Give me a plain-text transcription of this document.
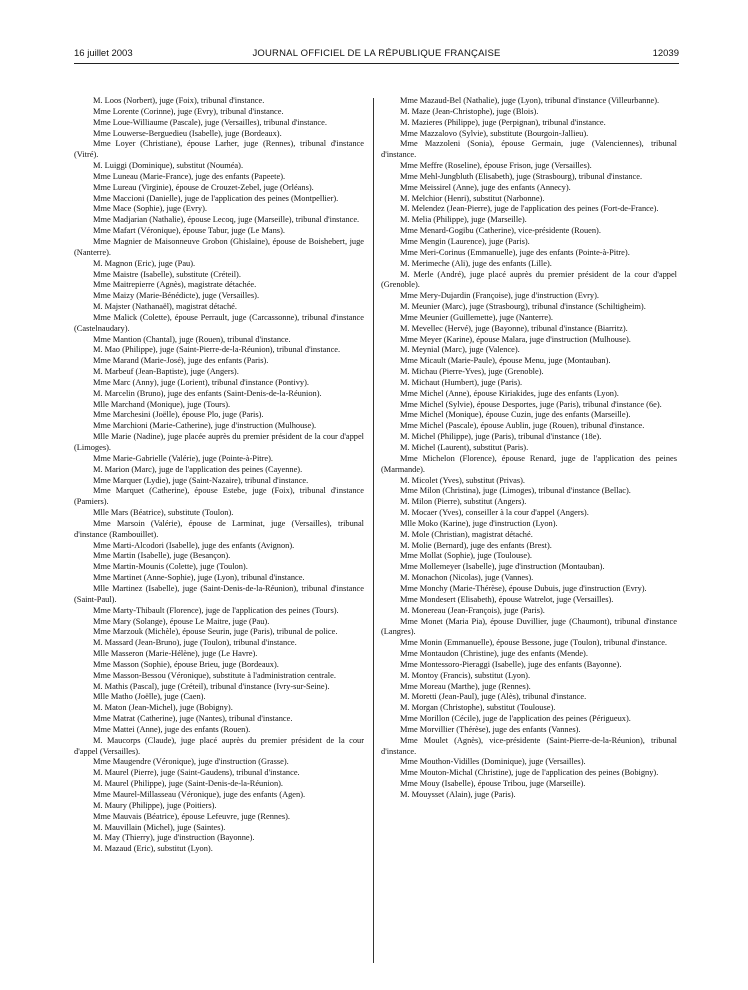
16 juillet 2003	JOURNAL OFFICIEL DE LA RÉPUBLIQUE FRANÇAISE	12039

M. Loos (Norbert), juge (Foix), tribunal d'instance.

Mme Lorente (Corinne), juge (Evry), tribunal d'instance.

Mme Loue-Williaume (Pascale), juge (Versailles), tribunal d'instance.

Mme Louwerse-Berguedieu (Isabelle), juge (Bordeaux).

Mme Loyer (Christiane), épouse Larher, juge (Rennes), tribunal d'instance (Vitré).

M. Luiggi (Dominique), substitut (Nouméa).

Mme Luneau (Marie-France), juge des enfants (Papeete).

Mme Lureau (Virginie), épouse de Crouzet-Zebel, juge (Orléans).

Mme Maccioni (Danielle), juge de l'application des peines (Montpellier).

Mme Mace (Sophie), juge (Evry).

Mme Madjarian (Nathalie), épouse Lecoq, juge (Marseille), tribunal d'instance.

Mme Mafart (Véronique), épouse Tabur, juge (Le Mans).

Mme Magnier de Maisonneuve Grobon (Ghislaine), épouse de Boishebert, juge (Nanterre).

M. Magnon (Eric), juge (Pau).

Mme Maistre (Isabelle), substitute (Créteil).

Mme Maitrepierre (Agnès), magistrate détachée.

Mme Maizy (Marie-Bénédicte), juge (Versailles).

M. Majster (Nathanaël), magistrat détaché.

Mme Malick (Colette), épouse Perrault, juge (Carcassonne), tribunal d'instance (Castelnaudary).

Mme Mantion (Chantal), juge (Rouen), tribunal d'instance.

M. Mao (Philippe), juge (Saint-Pierre-de-la-Réunion), tribunal d'instance.

Mme Marand (Marie-José), juge des enfants (Paris).

M. Marbeuf (Jean-Baptiste), juge (Angers).

Mme Marc (Anny), juge (Lorient), tribunal d'instance (Pontivy).

M. Marcelin (Bruno), juge des enfants (Saint-Denis-de-la-Réunion).

Mlle Marchand (Monique), juge (Tours).

Mme Marchesini (Joëlle), épouse Plo, juge (Paris).

Mme Marchioni (Marie-Catherine), juge d'instruction (Mulhouse).

Mlle Marie (Nadine), juge placée auprès du premier président de la cour d'appel (Limoges).

Mme Marie-Gabrielle (Valérie), juge (Pointe-à-Pitre).

M. Marion (Marc), juge de l'application des peines (Cayenne).

Mme Marquer (Lydie), juge (Saint-Nazaire), tribunal d'instance.

Mme Marquet (Catherine), épouse Estebe, juge (Foix), tribunal d'instance (Pamiers).

Mlle Mars (Béatrice), substitute (Toulon).

Mme Marsoin (Valérie), épouse de Larminat, juge (Versailles), tribunal d'instance (Rambouillet).

Mme Marti-Alcodori (Isabelle), juge des enfants (Avignon).

Mme Martin (Isabelle), juge (Besançon).

Mme Martin-Mounis (Colette), juge (Toulon).

Mme Martinet (Anne-Sophie), juge (Lyon), tribunal d'instance.

Mlle Martinez (Isabelle), juge (Saint-Denis-de-la-Réunion), tribunal d'instance (Saint-Paul).

Mme Marty-Thibault (Florence), juge de l'application des peines (Tours).

Mme Mary (Solange), épouse Le Maitre, juge (Pau).

Mme Marzouk (Michèle), épouse Seurin, juge (Paris), tribunal de police.

M. Massard (Jean-Bruno), juge (Toulon), tribunal d'instance.

Mlle Masseron (Marie-Hélène), juge (Le Havre).

Mme Masson (Sophie), épouse Brieu, juge (Bordeaux).

Mme Masson-Bessou (Véronique), substitute à l'administration centrale.

M. Mathis (Pascal), juge (Créteil), tribunal d'instance (Ivry-sur-Seine).

Mlle Matho (Joëlle), juge (Caen).

M. Maton (Jean-Michel), juge (Bobigny).

Mme Matrat (Catherine), juge (Nantes), tribunal d'instance.

Mme Mattei (Anne), juge des enfants (Rouen).

M. Maucorps (Claude), juge placé auprès du premier président de la cour d'appel (Versailles).

Mme Maugendre (Véronique), juge d'instruction (Grasse).

M. Maurel (Pierre), juge (Saint-Gaudens), tribunal d'instance.

M. Maurel (Philippe), juge (Saint-Denis-de-la-Réunion).

Mme Maurel-Millasseau (Véronique), juge des enfants (Agen).

M. Maury (Philippe), juge (Poitiers).

Mme Mauvais (Béatrice), épouse Lefeuvre, juge (Rennes).

M. Mauvillain (Michel), juge (Saintes).

M. May (Thierry), juge d'instruction (Bayonne).

M. Mazaud (Eric), substitut (Lyon).

Mme Mazaud-Bel (Nathalie), juge (Lyon), tribunal d'instance (Villeurbanne).

M. Maze (Jean-Christophe), juge (Blois).

M. Mazieres (Philippe), juge (Perpignan), tribunal d'instance.

Mme Mazzalovo (Sylvie), substitute (Bourgoin-Jallieu).

Mme Mazzoleni (Sonia), épouse Germain, juge (Valenciennes), tribunal d'instance.

Mme Meffre (Roseline), épouse Frison, juge (Versailles).

Mme Mehl-Jungbluth (Elisabeth), juge (Strasbourg), tribunal d'instance.

Mme Meissirel (Anne), juge des enfants (Annecy).

M. Melchior (Henri), substitut (Narbonne).

M. Melendez (Jean-Pierre), juge de l'application des peines (Fort-de-France).

M. Melia (Philippe), juge (Marseille).

Mme Menard-Gogibu (Catherine), vice-présidente (Rouen).

Mme Mengin (Laurence), juge (Paris).

Mme Meri-Corinus (Emmanuelle), juge des enfants (Pointe-à-Pitre).

M. Merimeche (Ali), juge des enfants (Lille).

M. Merle (André), juge placé auprès du premier président de la cour d'appel (Grenoble).

Mme Mery-Dujardin (Françoise), juge d'instruction (Evry).

M. Meunier (Marc), juge (Strasbourg), tribunal d'instance (Schiltigheim).

Mme Meunier (Guillemette), juge (Nanterre).

M. Mevellec (Hervé), juge (Bayonne), tribunal d'instance (Biarritz).

Mme Meyer (Karine), épouse Malara, juge d'instruction (Mulhouse).

M. Meynial (Marc), juge (Valence).

Mme Micault (Marie-Paule), épouse Menu, juge (Montauban).

M. Michau (Pierre-Yves), juge (Grenoble).

M. Michaut (Humbert), juge (Paris).

Mme Michel (Anne), épouse Kiriakides, juge des enfants (Lyon).

Mme Michel (Sylvie), épouse Desportes, juge (Paris), tribunal d'instance (6e).

Mme Michel (Monique), épouse Cuzin, juge des enfants (Marseille).

Mme Michel (Pascale), épouse Aublin, juge (Rouen), tribunal d'instance.

M. Michel (Philippe), juge (Paris), tribunal d'instance (18e).

M. Michel (Laurent), substitut (Paris).

Mme Michelon (Florence), épouse Renard, juge de l'application des peines (Marmande).

M. Micolet (Yves), substitut (Privas).

Mme Milon (Christina), juge (Limoges), tribunal d'instance (Bellac).

M. Milon (Pierre), substitut (Angers).

M. Mocaer (Yves), conseiller à la cour d'appel (Angers).

Mlle Moko (Karine), juge d'instruction (Lyon).

M. Mole (Christian), magistrat détaché.

M. Molie (Bernard), juge des enfants (Brest).

Mme Mollat (Sophie), juge (Toulouse).

Mme Mollemeyer (Isabelle), juge d'instruction (Montauban).

M. Monachon (Nicolas), juge (Vannes).

Mme Monchy (Marie-Thérèse), épouse Dubuis, juge d'instruction (Evry).

Mme Mondesert (Elisabeth), épouse Watrelot, juge (Versailles).

M. Monereau (Jean-François), juge (Paris).

Mme Monet (Maria Pia), épouse Duvillier, juge (Chaumont), tribunal d'instance (Langres).

Mme Monin (Emmanuelle), épouse Bessone, juge (Toulon), tribunal d'instance.

Mme Montaudon (Christine), juge des enfants (Mende).

Mme Montessoro-Pieraggi (Isabelle), juge des enfants (Bayonne).

M. Montoy (Francis), substitut (Lyon).

Mme Moreau (Marthe), juge (Rennes).

M. Moretti (Jean-Paul), juge (Alès), tribunal d'instance.

M. Morgan (Christophe), substitut (Toulouse).

Mme Morillon (Cécile), juge de l'application des peines (Périgueux).

Mme Morvillier (Thérèse), juge des enfants (Vannes).

Mme Moulet (Agnès), vice-présidente (Saint-Pierre-de-la-Réunion), tribunal d'instance.

Mme Mouthon-Vidilles (Dominique), juge (Versailles).

Mme Mouton-Michal (Christine), juge de l'application des peines (Bobigny).

Mme Mouy (Isabelle), épouse Tribou, juge (Marseille).

M. Mouysset (Alain), juge (Paris).
